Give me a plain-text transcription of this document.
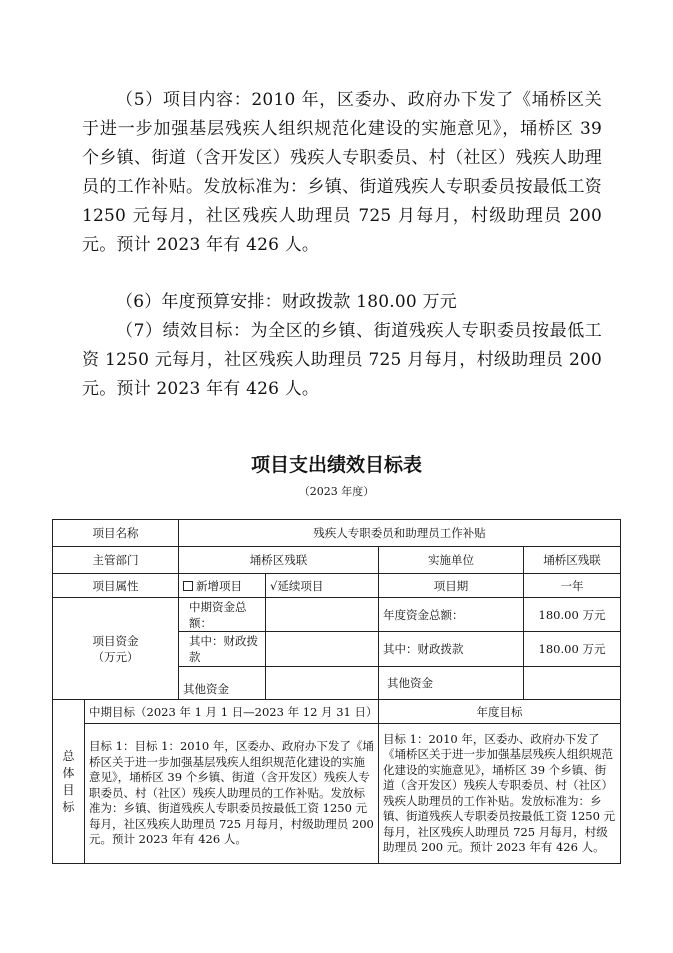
（5）项目内容：2010 年，区委办、政府办下发了《埇桥区关于进一步加强基层残疾人组织规范化建设的实施意见》，埇桥区 39 个乡镇、街道（含开发区）残疾人专职委员、村（社区）残疾人助理员的工作补贴。发放标准为：乡镇、街道残疾人专职委员按最低工资 1250 元每月，社区残疾人助理员 725 月每月，村级助理员 200 元。预计 2023 年有 426 人。
（6）年度预算安排：财政拨款 180.00 万元
（7）绩效目标：为全区的乡镇、街道残疾人专职委员按最低工资 1250 元每月，社区残疾人助理员 725 月每月，村级助理员 200 元。预计 2023 年有 426 人。
项目支出绩效目标表
（2023 年度）
项目名称		残疾人专职委员和助理员工作补贴			
主管部门		埇桥区残联		实施单位	埇桥区残联
项目属性		新增项目	√延续项目	项目期	一年
项目资金
（万元）		中期资金总额：		年度资金总额：	180.00 万元
		其中：财政拨款		其中：财政拨款	180.00 万元
		其他资金		其他资金	

总
体
目
标	中期目标（2023 年 1 月 1 日—2023 年 12 月 31 日）			年度目标	
	目标 1：目标 1：2010 年，区委办、政府办下发了《埇桥区关于进一步加强基层残疾人组织规范化建设的实施意见》，埇桥区 39 个乡镇、街道（含开发区）残疾人专职委员、村（社区）残疾人助理员的工作补贴。发放标准为：乡镇、街道残疾人专职委员按最低工资 1250 元每月，社区残疾人助理员 725 月每月，村级助理员 200 元。预计 2023 年有 426 人。			目标 1：2010 年，区委办、政府办下发了《埇桥区关于进一步加强基层残疾人组织规范化建设的实施意见》，埇桥区 39 个乡镇、街道（含开发区）残疾人专职委员、村（社区）残疾人助理员的工作补贴。发放标准为：乡镇、街道残疾人专职委员按最低工资 1250 元每月，社区残疾人助理员 725 月每月，村级助理员 200 元。预计 2023 年有 426 人。	
